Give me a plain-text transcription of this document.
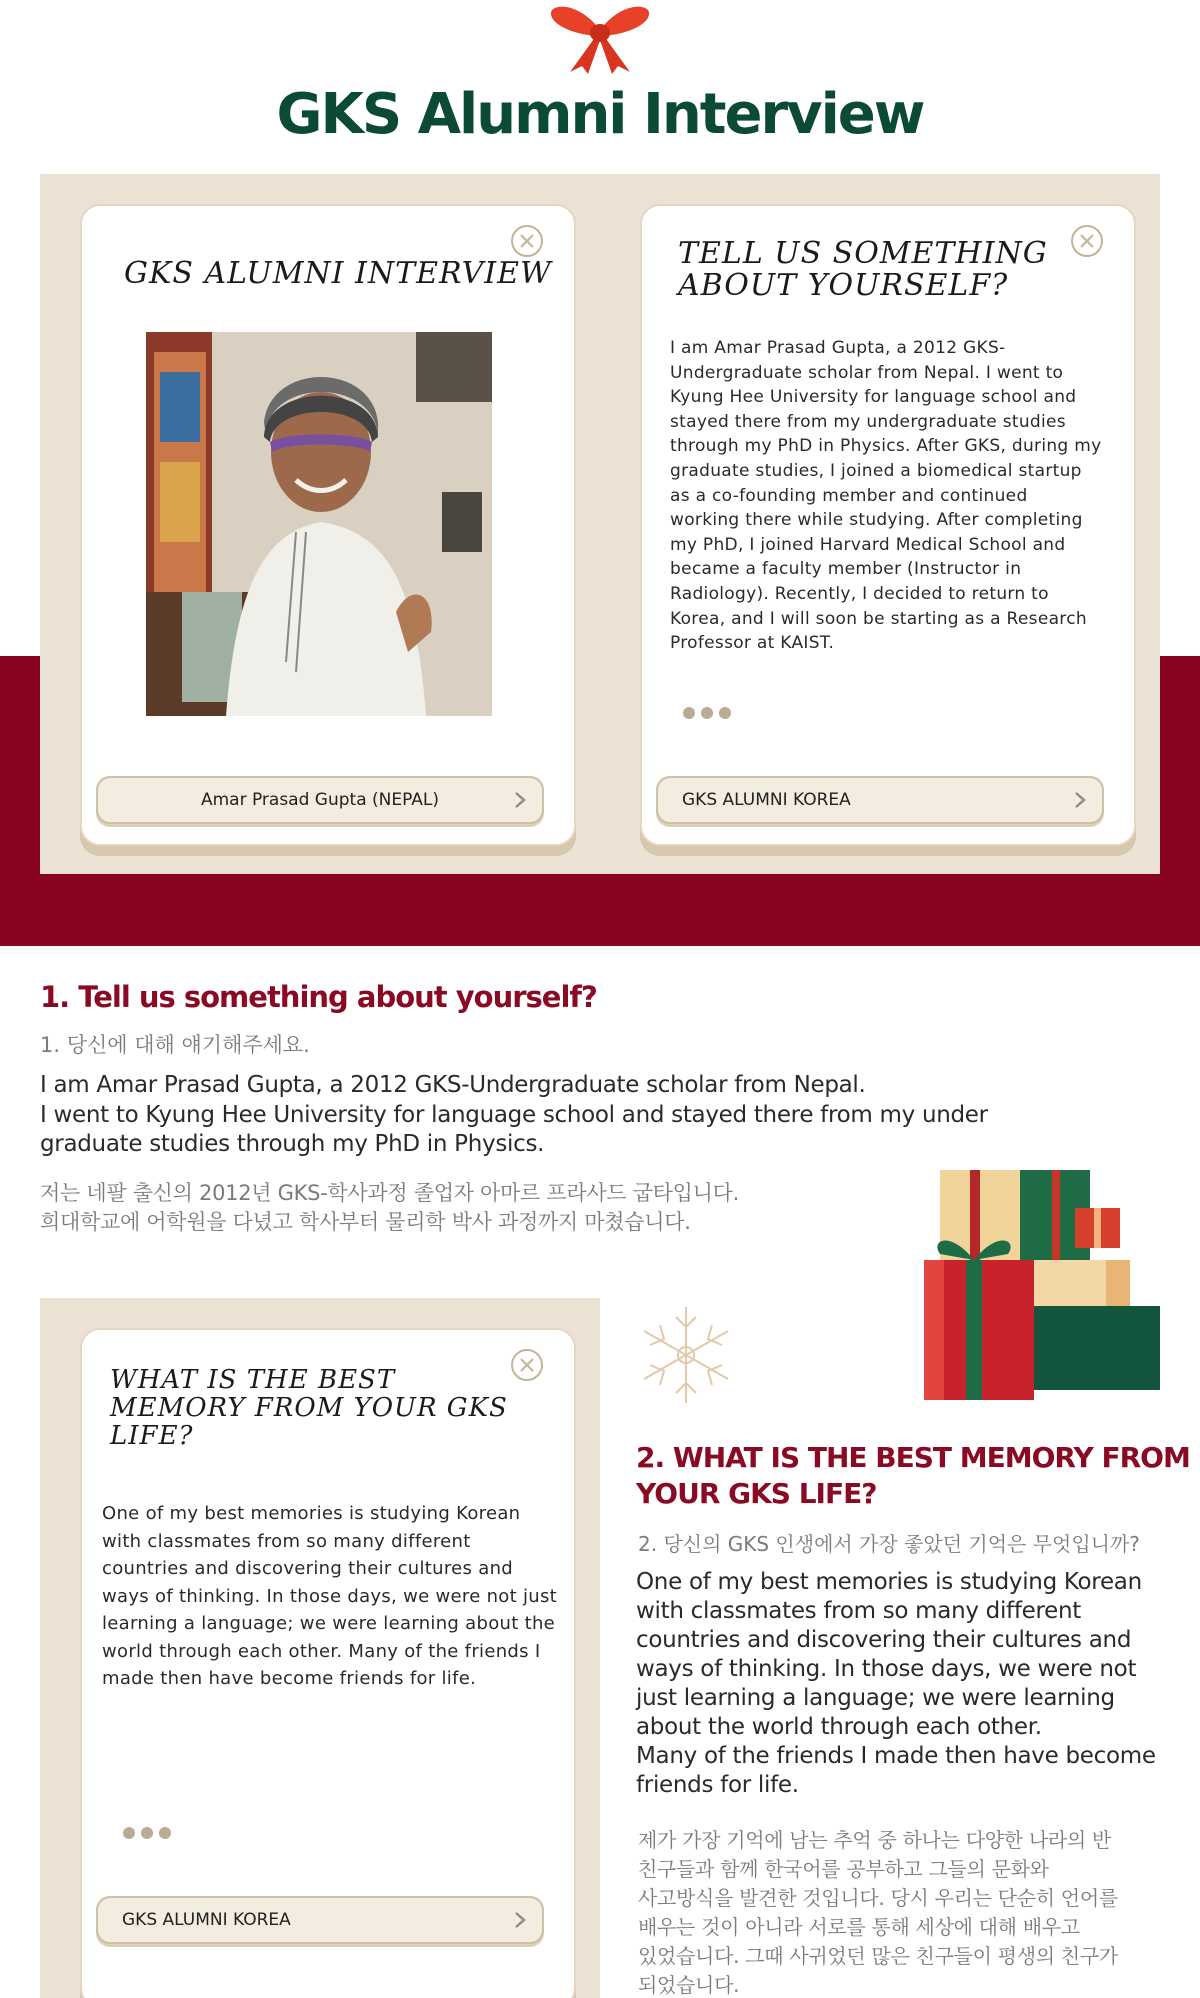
GKS Alumni Interview
GKS ALUMNI INTERVIEW
Amar Prasad Gupta (NEPAL)
TELL US SOMETHING
ABOUT YOURSELF?
I am Amar Prasad Gupta, a 2012 GKS-Undergraduate scholar from Nepal. I went to Kyung Hee University for language school and stayed there from my undergraduate studies through my PhD in Physics. After GKS, during my graduate studies, I joined a biomedical startup as a co-founding member and continued working there while studying. After completing my PhD, I joined Harvard Medical School and became a faculty member (Instructor in Radiology). Recently, I decided to return to Korea, and I will soon be starting as a Research Professor at KAIST.
GKS ALUMNI KOREA
1. Tell us something about yourself?
1. 당신에 대해 얘기해주세요.
I am Amar Prasad Gupta, a 2012 GKS-Undergraduate scholar from Nepal.
I went to Kyung Hee University for language school and stayed there from my under
graduate studies through my PhD in Physics.
저는 네팔 출신의 2012년 GKS-학사과정 졸업자 아마르 프라사드 굽타입니다.
희대학교에 어학원을 다녔고 학사부터 물리학 박사 과정까지 마쳤습니다.
WHAT IS THE BEST
MEMORY FROM YOUR GKS
LIFE?
One of my best memories is studying Korean with classmates from so many different countries and discovering their cultures and ways of thinking. In those days, we were not just learning a language; we were learning about the world through each other. Many of the friends I made then have become friends for life.
GKS ALUMNI KOREA
2. WHAT IS THE BEST MEMORY FROM
YOUR GKS LIFE?
2. 당신의 GKS 인생에서 가장 좋았던 기억은 무엇입니까?
One of my best memories is studying Korean
with classmates from so many different
countries and discovering their cultures and
ways of thinking. In those days, we were not
just learning a language; we were learning
about the world through each other.
Many of the friends I made then have become
friends for life.
제가 가장 기억에 남는 추억 중 하나는 다양한 나라의 반
친구들과 함께 한국어를 공부하고 그들의 문화와
사고방식을 발견한 것입니다. 당시 우리는 단순히 언어를
배우는 것이 아니라 서로를 통해 세상에 대해 배우고
있었습니다. 그때 사귀었던 많은 친구들이 평생의 친구가
되었습니다.
